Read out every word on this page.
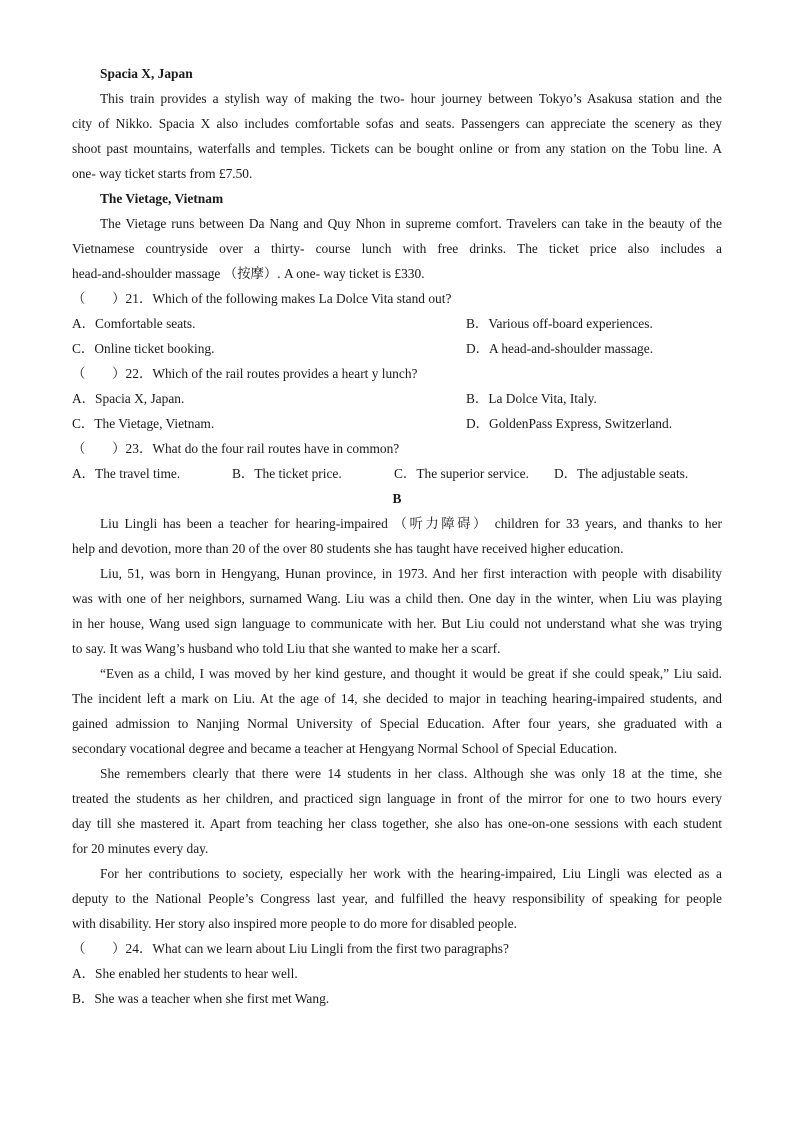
Spacia X, Japan
This train provides a stylish way of making the two- hour journey between Tokyo’s Asakusa station and the
city of Nikko. Spacia X also includes comfortable sofas and seats. Passengers can appreciate the scenery as they
shoot past mountains, waterfalls and temples. Tickets can be bought online or from any station on the Tobu line. A
one- way ticket starts from £7.50.
The Vietage, Vietnam
The Vietage runs between Da Nang and Quy Nhon in supreme comfort. Travelers can take in the beauty of the
Vietnamese countryside over a thirty- course lunch with free drinks. The ticket price also includes a
head-and-shoulder massage （按摩）. A one- way ticket is £330.
（　　）21．Which of the following makes La Dolce Vita stand out?
A．Comfortable seats.	B．Various off-board experiences.
C．Online ticket booking.	D．A head-and-shoulder massage.
（　　）22．Which of the rail routes provides a heart y lunch?
A．Spacia X, Japan.	B．La Dolce Vita, Italy.
C．The Vietage, Vietnam.	D．GoldenPass Express, Switzerland.
（　　）23．What do the four rail routes have in common?
A．The travel time.	B．The ticket price.	C．The superior service. D．The adjustable seats.
B
Liu Lingli has been a teacher for hearing-impaired （听力障碍） children for 33 years, and thanks to her
help and devotion, more than 20 of the over 80 students she has taught have received higher education.
Liu, 51, was born in Hengyang, Hunan province, in 1973. And her first interaction with people with disability
was with one of her neighbors, surnamed Wang. Liu was a child then. One day in the winter, when Liu was playing
in her house, Wang used sign language to communicate with her. But Liu could not understand what she was trying
to say. It was Wang’s husband who told Liu that she wanted to make her a scarf.
“Even as a child, I was moved by her kind gesture, and thought it would be great if she could speak,” Liu said.
The incident left a mark on Liu. At the age of 14, she decided to major in teaching hearing-impaired students, and
gained admission to Nanjing Normal University of Special Education. After four years, she graduated with a
secondary vocational degree and became a teacher at Hengyang Normal School of Special Education.
She remembers clearly that there were 14 students in her class. Although she was only 18 at the time, she
treated the students as her children, and practiced sign language in front of the mirror for one to two hours every
day till she mastered it. Apart from teaching her class together, she also has one-on-one sessions with each student
for 20 minutes every day.
For her contributions to society, especially her work with the hearing-impaired, Liu Lingli was elected as a
deputy to the National People’s Congress last year, and fulfilled the heavy responsibility of speaking for people
with disability. Her story also inspired more people to do more for disabled people.
（　　）24．What can we learn about Liu Lingli from the first two paragraphs?
A．She enabled her students to hear well.
B．She was a teacher when she first met Wang.
